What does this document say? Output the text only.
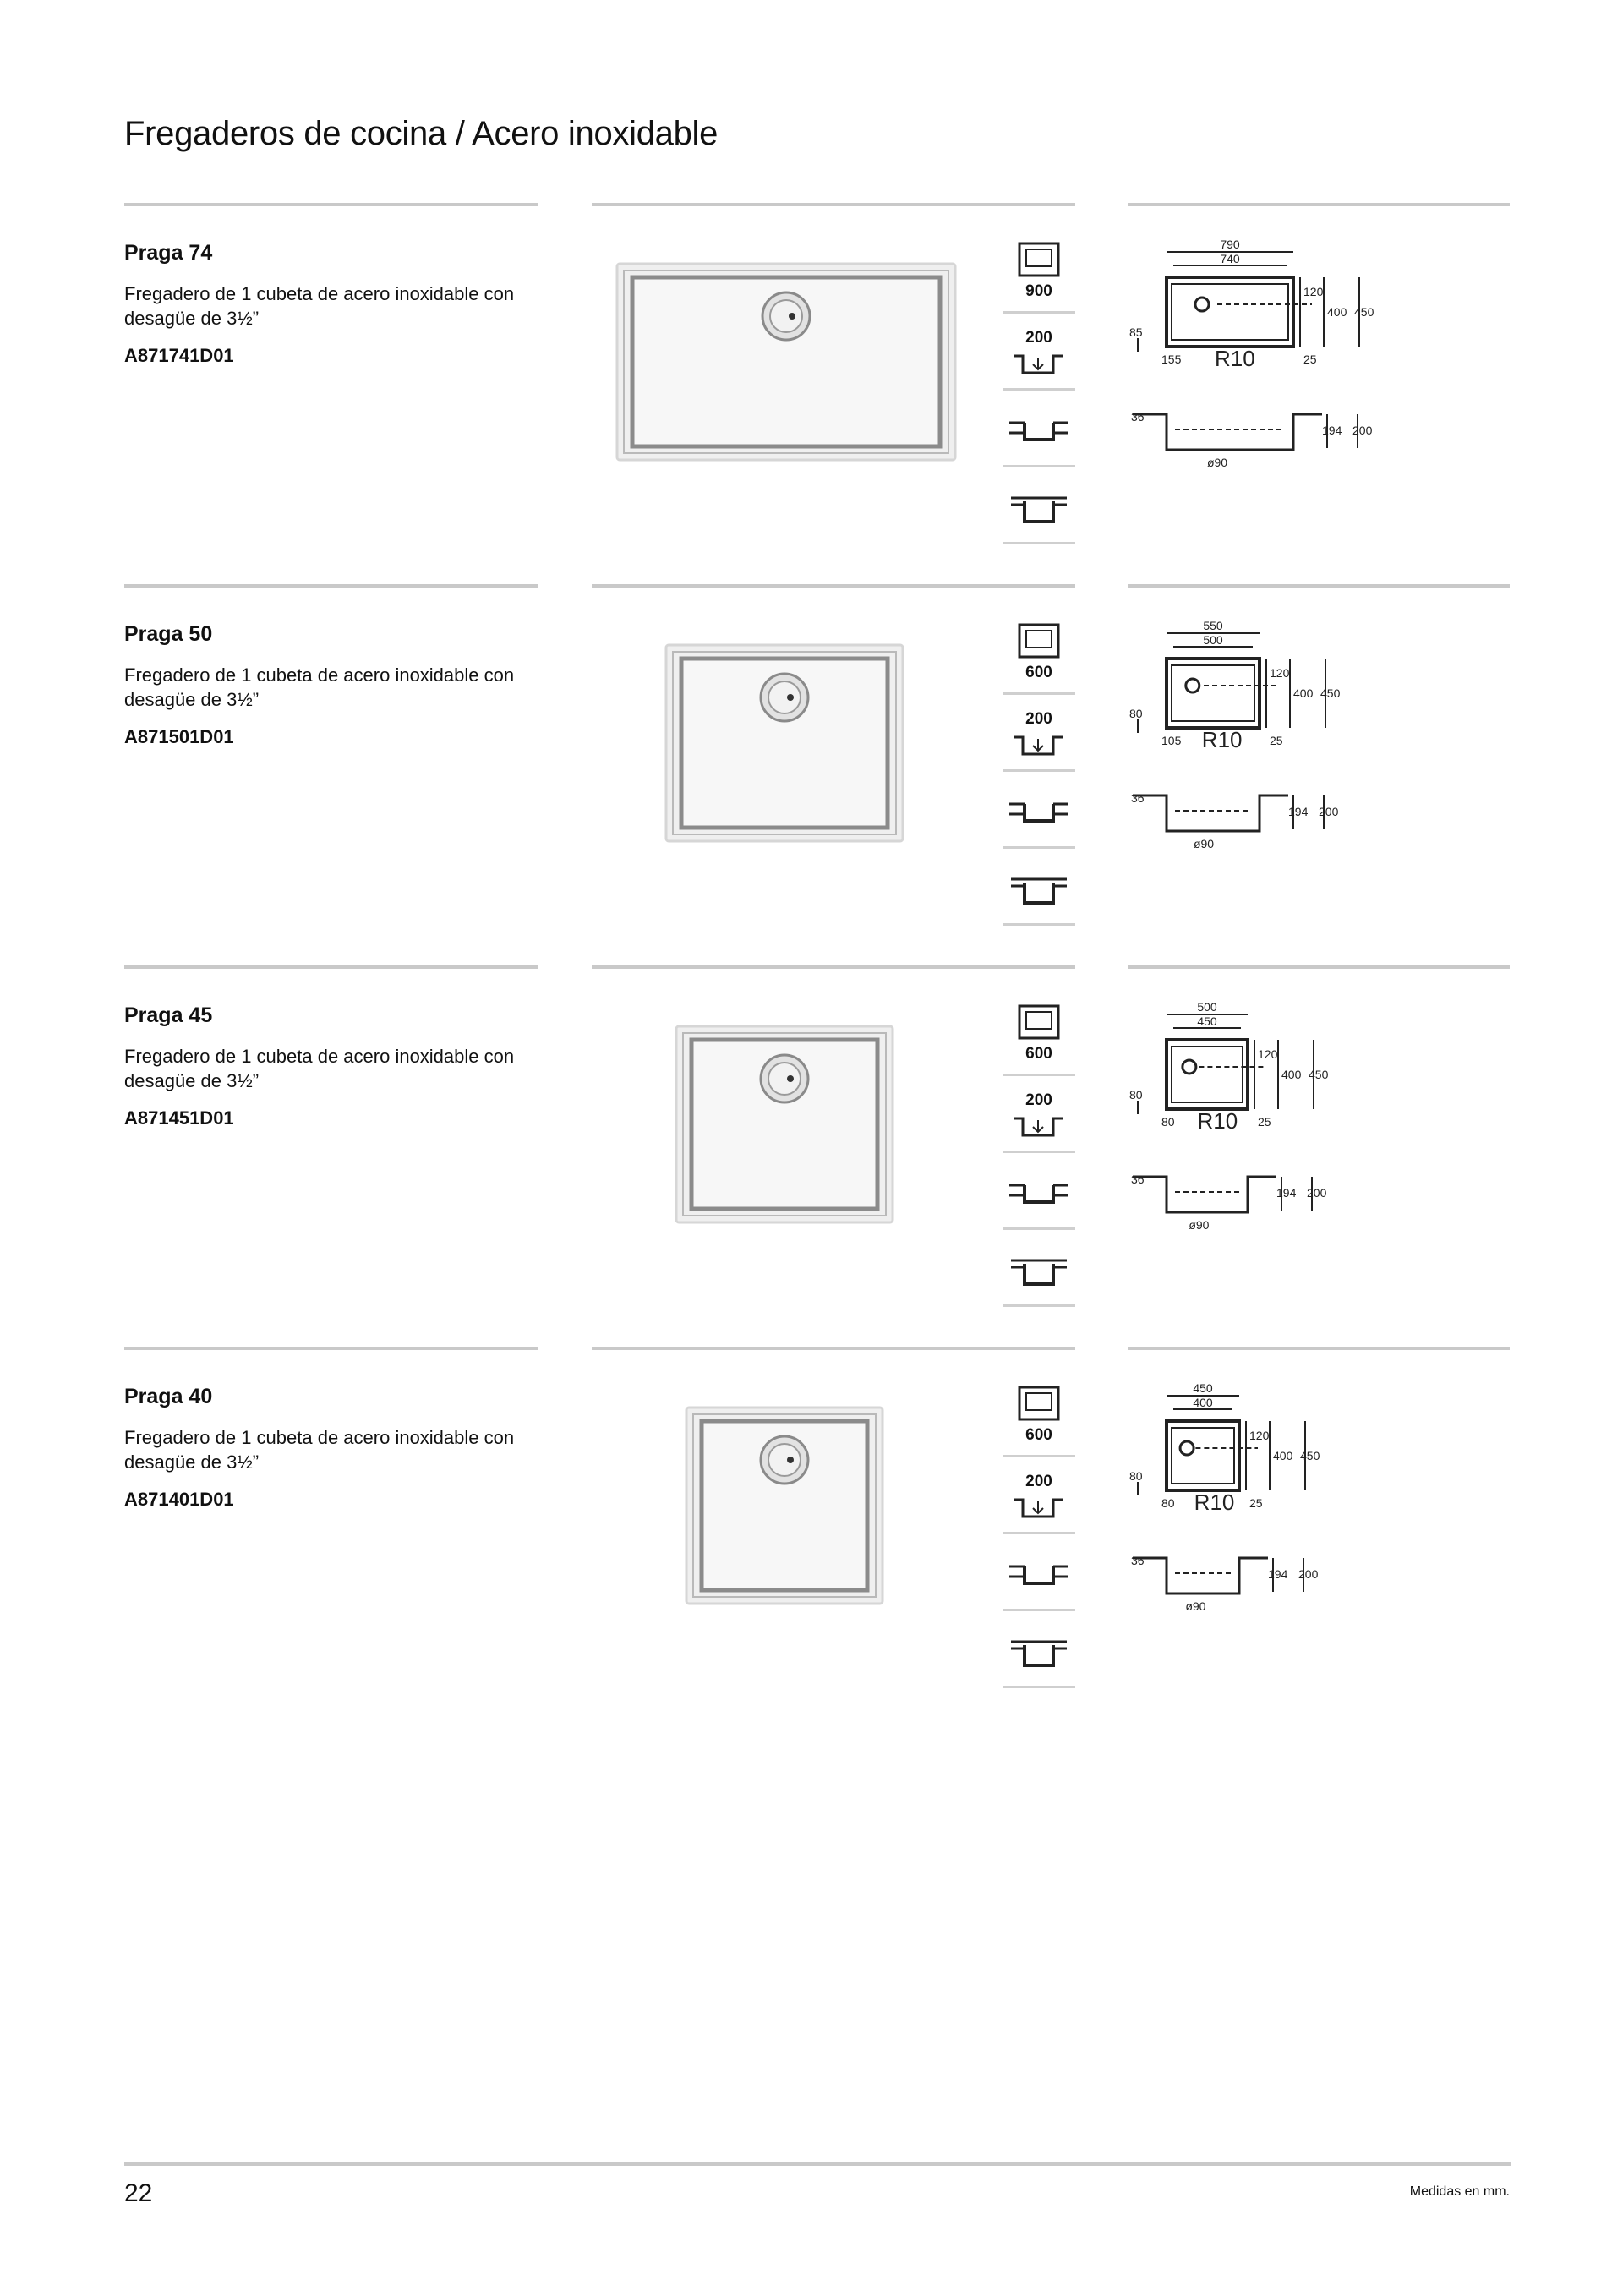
Fregaderos de cocina / Acero inoxidable
Praga 74
Fregadero de 1 cubeta de acero inoxidable con desagüe de 3½”
A871741D01
900
200
790
740
120
400 450
85
155 R10	25
36
194 200
ø90
Praga 50
Fregadero de 1 cubeta de acero inoxidable con desagüe de 3½”
A871501D01
600
200
550
500
120
400 450
80
105 R10 25
36
194 200
ø90
Praga 45
Fregadero de 1 cubeta de acero inoxidable con desagüe de 3½”
A871451D01
600
200
500
450
120
400 450
80
80 R10 25
36
194 200
ø90
Praga 40
Fregadero de 1 cubeta de acero inoxidable con desagüe de 3½”
A871401D01
600
200
450
400
120
400 450
80
80 R10 25
36
194 200
ø90
22	Medidas en mm.
